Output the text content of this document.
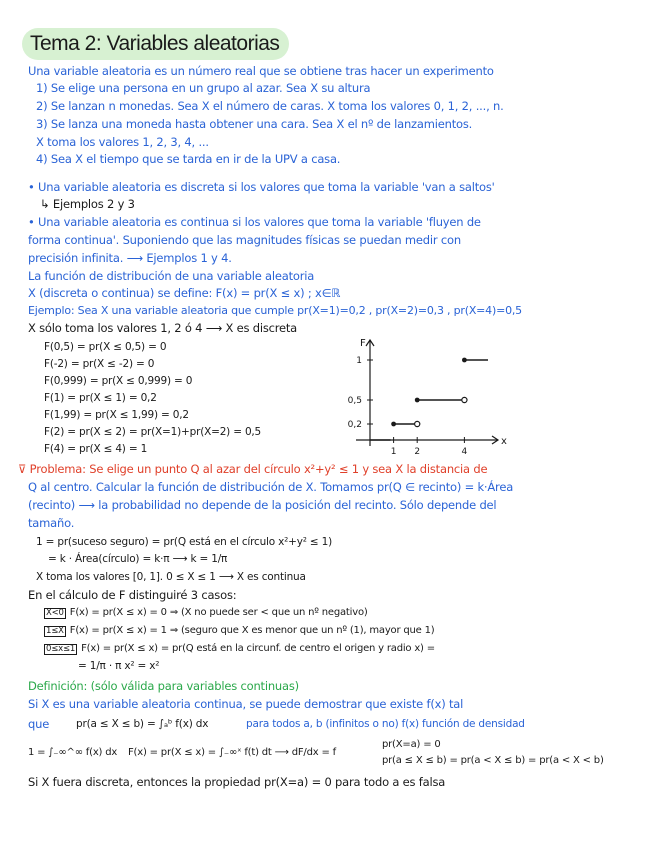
Tema 2: Variables aleatorias
Una variable aleatoria es un número real que se obtiene tras hacer un experimento
1) Se elige una persona en un grupo al azar. Sea X su altura
2) Se lanzan n monedas. Sea X el número de caras. X toma los valores 0, 1, 2, ..., n.
3) Se lanza una moneda hasta obtener una cara. Sea X el nº de lanzamientos.
X toma los valores 1, 2, 3, 4, ...
4) Sea X el tiempo que se tarda en ir de la UPV a casa.
• Una variable aleatoria es discreta si los valores que toma la variable 'van a saltos'
↳ Ejemplos 2 y 3
• Una variable aleatoria es continua si los valores que toma la variable 'fluyen de
forma continua'. Suponiendo que las magnitudes físicas se puedan medir con
precisión infinita. ⟶ Ejemplos 1 y 4.
La función de distribución de una variable aleatoria
X (discreta o continua) se define: F(x) = pr(X ≤ x) ; x∈ℝ
Ejemplo: Sea X una variable aleatoria que cumple pr(X=1)=0,2 , pr(X=2)=0,3 , pr(X=4)=0,5
X sólo toma los valores 1, 2 ó 4 ⟶ X es discreta
F(0,5) = pr(X ≤ 0,5) = 0
F(-2) = pr(X ≤ -2) = 0
F(0,999) = pr(X ≤ 0,999) = 0
F(1) = pr(X ≤ 1) = 0,2
F(1,99) = pr(X ≤ 1,99) = 0,2
F(2) = pr(X ≤ 2) = pr(X=1)+pr(X=2) = 0,5
F(4) = pr(X ≤ 4) = 1
x
F
0,2
0,5
1
1 2	4
⊽ Problema: Se elige un punto Q al azar del círculo x²+y² ≤ 1 y sea X la distancia de
Q al centro. Calcular la función de distribución de X. Tomamos pr(Q ∈ recinto) = k·Área
(recinto) ⟶ la probabilidad no depende de la posición del recinto. Sólo depende del
tamaño.
1 = pr(suceso seguro) = pr(Q está en el círculo x²+y² ≤ 1)
= k · Área(círculo) = k·π ⟶ k = 1/π
X toma los valores [0, 1]. 0 ≤ X ≤ 1 ⟶ X es continua
En el cálculo de F distinguiré 3 casos:
X<0 F(x) = pr(X ≤ x) = 0 ⇒ (X no puede ser < que un nº negativo)
1≤X F(x) = pr(X ≤ x) = 1 ⇒ (seguro que X es menor que un nº (1), mayor que 1)
0≤x≤1 F(x) = pr(X ≤ x) = pr(Q está en la circunf. de centro el origen y radio x) =
= 1/π · π x² = x²
Definición: (sólo válida para variables continuas)
Si X es una variable aleatoria continua, se puede demostrar que existe f(x) tal
que	pr(a ≤ X ≤ b) = ∫ₐᵇ f(x) dx	para todos a, b (infinitos o no) f(x) función de densidad
1 = ∫₋∞^∞ f(x) dx F(x) = pr(X ≤ x) = ∫₋∞ˣ f(t) dt ⟶ dF/dx = f
pr(X=a) = 0
pr(a ≤ X ≤ b) = pr(a < X ≤ b) = pr(a < X < b)
Si X fuera discreta, entonces la propiedad pr(X=a) = 0 para todo a es falsa
